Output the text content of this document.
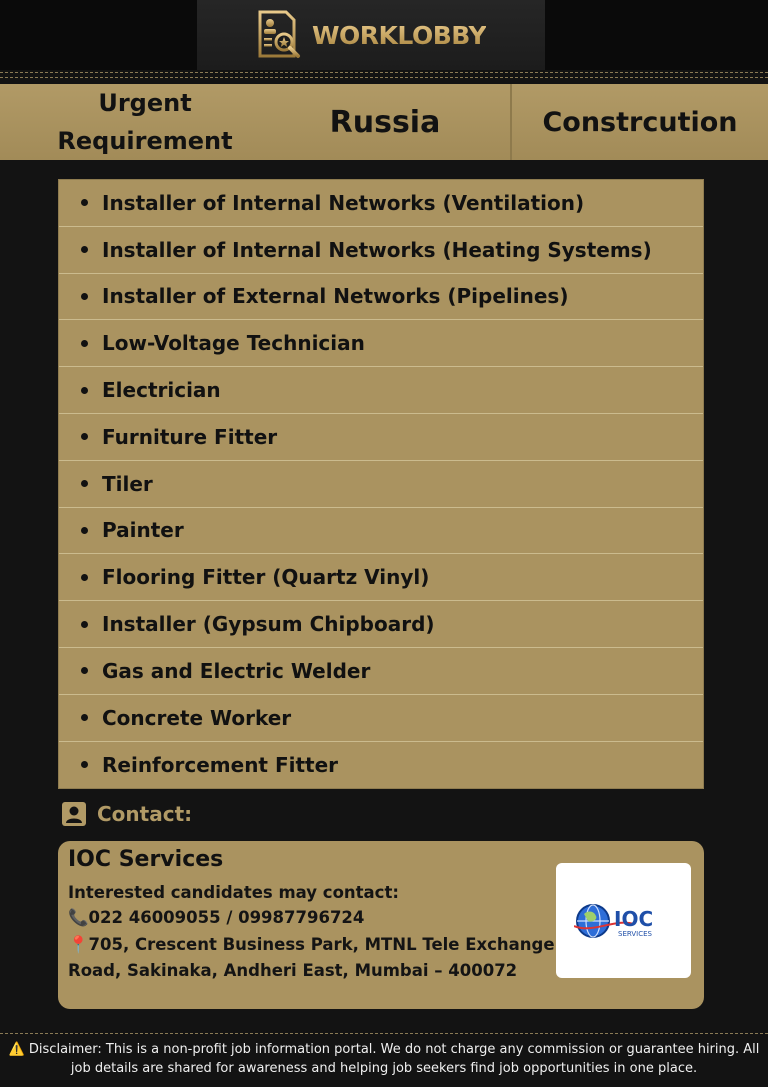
WORKLOBBY
Urgent Requirement
Russia	Constrcution
Installer of Internal Networks (Ventilation)
Installer of Internal Networks (Heating Systems)
Installer of External Networks (Pipelines)
Low-Voltage Technician
Electrician
Furniture Fitter
Tiler
Painter
Flooring Fitter (Quartz Vinyl)
Installer (Gypsum Chipboard)
Gas and Electric Welder
Concrete Worker
Reinforcement Fitter
Contact:
IOC Services
Interested candidates may contact:
📞022 46009055 / 09987796724
📍705, Crescent Business Park, MTNL Tele Exchange
Road, Sakinaka, Andheri East, Mumbai – 400072
IOC
SERVICES
⚠️ Disclaimer: This is a non-profit job information portal. We do not charge any commission or guarantee hiring. All job details are shared for awareness and helping job seekers find job opportunities in one place.
